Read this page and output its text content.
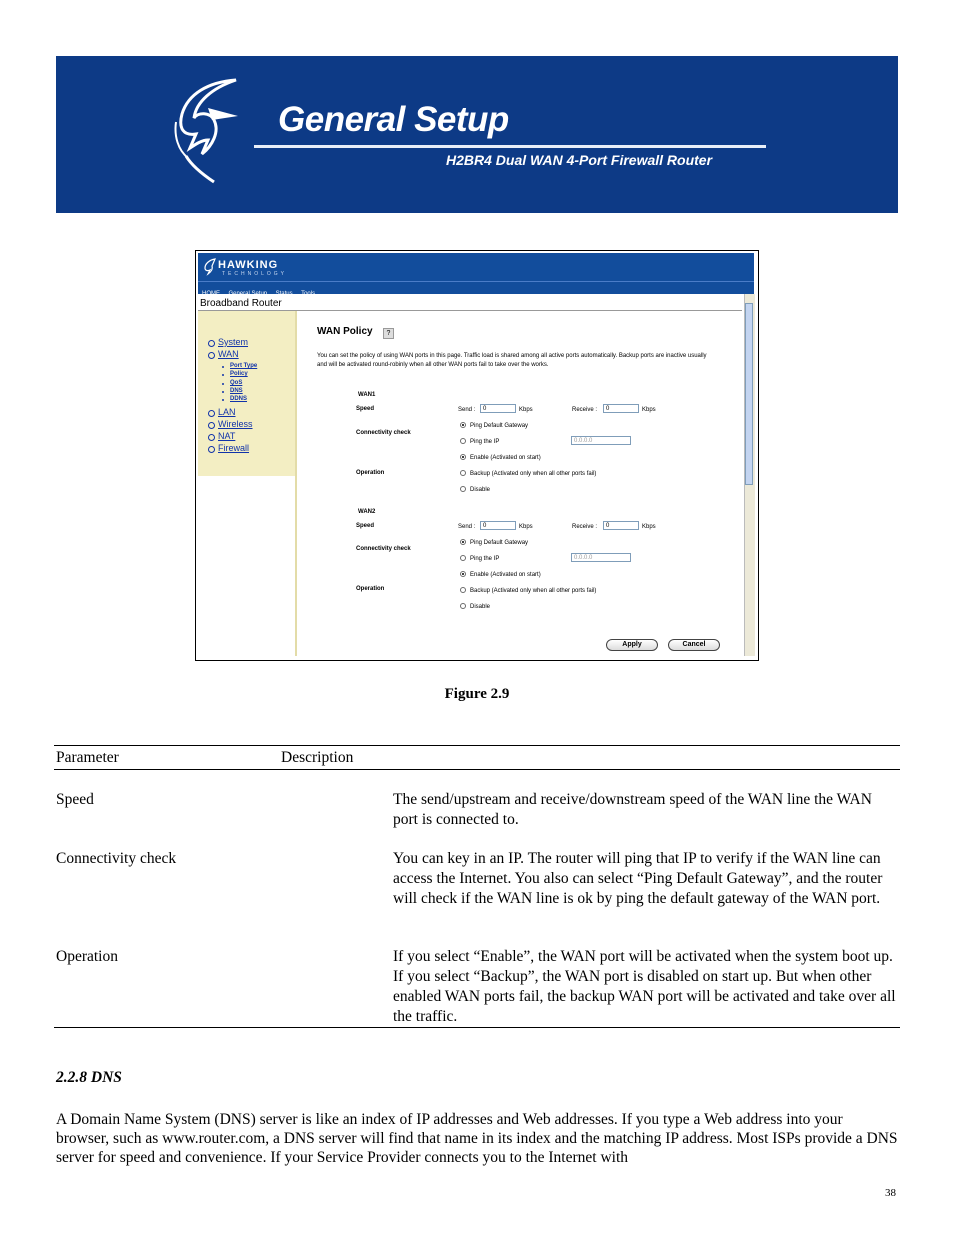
General Setup
H2BR4 Dual WAN 4-Port Firewall Router
HAWKING
TECHNOLOGY
HOME General Setup Status Tools
Broadband Router
System
WAN
Port Type
Policy
QoS
DNS
DDNS
LAN
Wireless
NAT
Firewall
WAN Policy	?
You can set the policy of using WAN ports in this page. Traffic load is shared among all active ports automatically. Backup ports are inactive usually and will be activated round-robinly when all other WAN ports fail to take over the works.
WAN1
Speed	Send :	0	Kbps	Receive :	0	Kbps
Connectivity check
Ping Default Gateway
Ping the IP	0.0.0.0
Enable (Activated on start)
Operation	Backup (Activated only when all other ports fail)
Disable
WAN2
Speed	Send :	0	Kbps	Receive :	0	Kbps
Connectivity check
Ping Default Gateway
Ping the IP	0.0.0.0
Enable (Activated on start)
Operation	Backup (Activated only when all other ports fail)
Disable
Apply	Cancel
Figure 2.9
Parameter	Description
Speed	The send/upstream and receive/downstream speed of the WAN line the WAN port is connected to.
Connectivity check	You can key in an IP. The router will ping that IP to verify if the WAN line can access the Internet. You also can select “Ping Default Gateway”, and the router will check if the WAN line is ok by ping the default gateway of the WAN port.
Operation	If you select “Enable”, the WAN port will be activated when the system boot up. If you select “Backup”, the WAN port is disabled on start up. But when other enabled WAN ports fail, the backup WAN port will be activated and take over all the traffic.
2.2.8 DNS
A Domain Name System (DNS) server is like an index of IP addresses and Web addresses. If you type a Web address into your browser, such as www.router.com, a DNS server will find that name in its index and the matching IP address. Most ISPs provide a DNS server for speed and convenience. If your Service Provider connects you to the Internet with
38
